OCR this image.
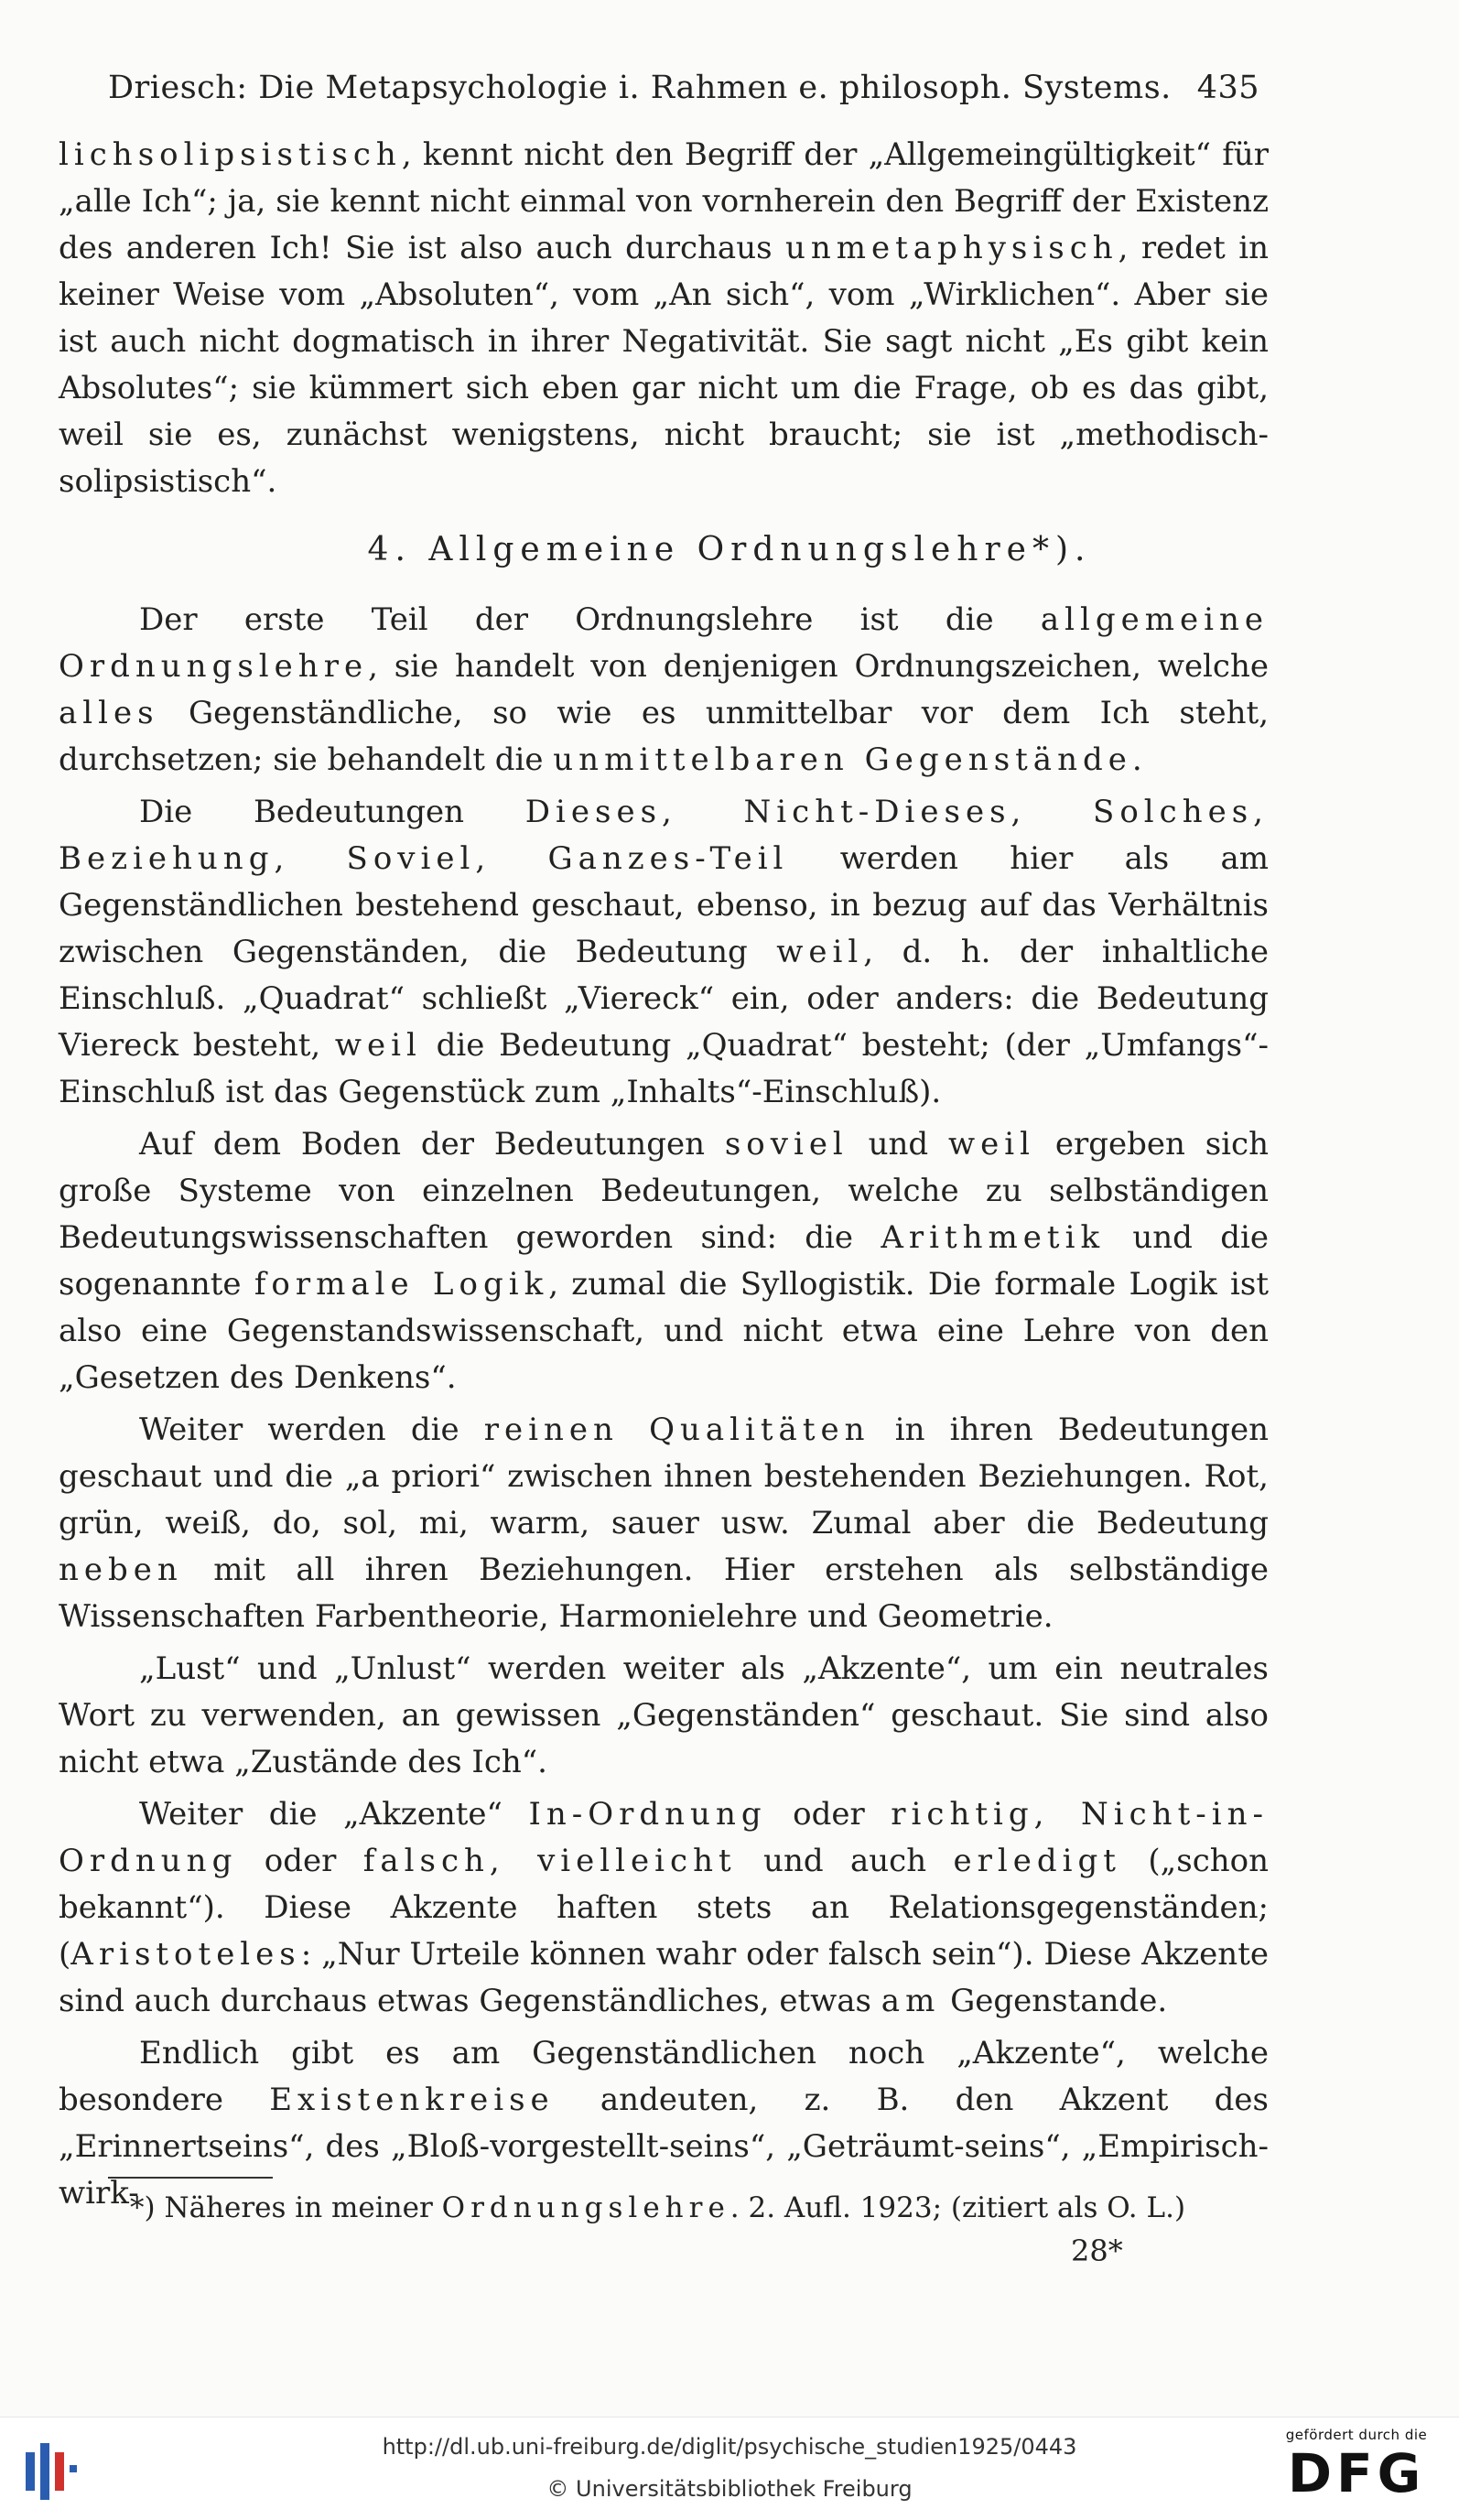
Driesch: Die Metapsychologie i. Rahmen e. philosoph. Systems. 435

lichsolipsistisch, kennt nicht den Begriff der „Allgemeingültigkeit“ für „alle Ich“; ja, sie kennt nicht einmal von vornherein den Begriff der Existenz des anderen Ich! Sie ist also auch durchaus unmetaphysisch, redet in keiner Weise vom „Absoluten“, vom „An sich“, vom „Wirklichen“. Aber sie ist auch nicht dogmatisch in ihrer Negativität. Sie sagt nicht „Es gibt kein Absolutes“; sie kümmert sich eben gar nicht um die Frage, ob es das gibt, weil sie es, zunächst wenigstens, nicht braucht; sie ist „methodisch-solipsistisch“.

4. Allgemeine Ordnungslehre*).

Der erste Teil der Ordnungslehre ist die allgemeine Ordnungslehre, sie handelt von denjenigen Ordnungszeichen, welche alles Gegenständliche, so wie es unmittelbar vor dem Ich steht, durchsetzen; sie behandelt die unmittelbaren Gegenstände.

Die Bedeutungen Dieses, Nicht-Dieses, Solches, Beziehung, Soviel, Ganzes-Teil werden hier als am Gegenständlichen bestehend geschaut, ebenso, in bezug auf das Verhältnis zwischen Gegenständen, die Bedeutung weil, d. h. der inhaltliche Einschluß. „Quadrat“ schließt „Viereck“ ein, oder anders: die Bedeutung Viereck besteht, weil die Bedeutung „Quadrat“ besteht; (der „Umfangs“-Einschluß ist das Gegenstück zum „Inhalts“-Einschluß).

Auf dem Boden der Bedeutungen soviel und weil ergeben sich große Systeme von einzelnen Bedeutungen, welche zu selbständigen Bedeutungswissenschaften geworden sind: die Arithmetik und die sogenannte formale Logik, zumal die Syllogistik. Die formale Logik ist also eine Gegenstandswissenschaft, und nicht etwa eine Lehre von den „Gesetzen des Denkens“.

Weiter werden die reinen Qualitäten in ihren Bedeutungen geschaut und die „a priori“ zwischen ihnen bestehenden Beziehungen. Rot, grün, weiß, do, sol, mi, warm, sauer usw. Zumal aber die Bedeutung neben mit all ihren Beziehungen. Hier erstehen als selbständige Wissenschaften Farbentheorie, Harmonielehre und Geometrie.

„Lust“ und „Unlust“ werden weiter als „Akzente“, um ein neutrales Wort zu verwenden, an gewissen „Gegenständen“ geschaut. Sie sind also nicht etwa „Zustände des Ich“.

Weiter die „Akzente“ In-Ordnung oder richtig, Nicht-in-Ordnung oder falsch, vielleicht und auch erledigt („schon bekannt“). Diese Akzente haften stets an Relationsgegenständen; (Aristoteles: „Nur Urteile können wahr oder falsch sein“). Diese Akzente sind auch durchaus etwas Gegenständliches, etwas am Gegenstande.

Endlich gibt es am Gegenständlichen noch „Akzente“, welche besondere Existenkreise andeuten, z. B. den Akzent des „Erinnertseins“, des „Bloß-vorgestellt-seins“, „Geträumt-seins“, „Empirisch-wirk-

*) Näheres in meiner Ordnungslehre. 2. Aufl. 1923; (zitiert als O. L.)
28*
http://dl.ub.uni-freiburg.de/diglit/psychische_studien1925/0443
© Universitätsbibliothek Freiburg
gefördert durch die
DFG
